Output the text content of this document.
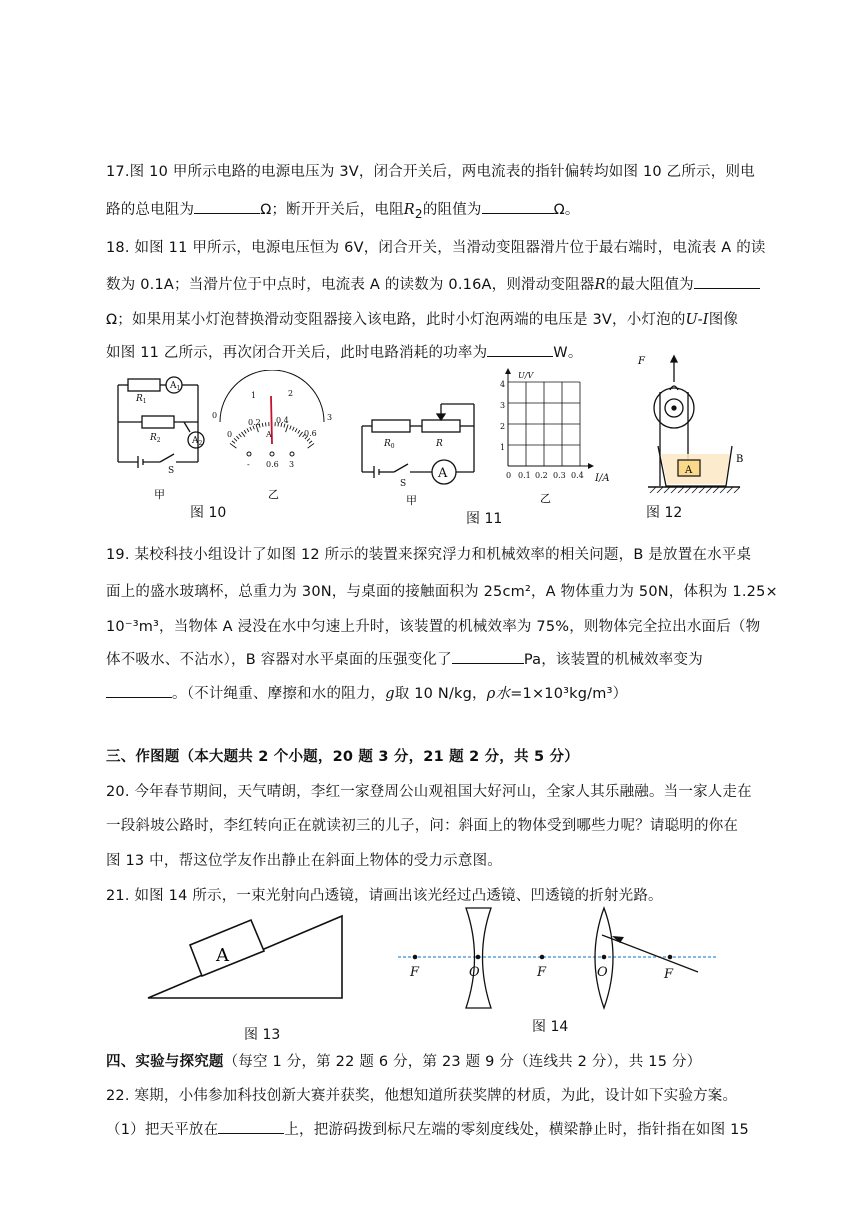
17.图 10 甲所示电路的电源电压为 3V，闭合开关后，两电流表的指针偏转均如图 10 乙所示，则电
路的总电阻为	Ω；断开开关后，电阻$R_2$的阻值为	Ω。
18. 如图 11 甲所示，电源电压恒为 6V，闭合开关，当滑动变阻器滑片位于最右端时，电流表 A 的读
数为 0.1A；当滑片位于中点时，电流表 A 的读数为 0.16A，则滑动变阻器R的最大阻值为
Ω；如果用某小灯泡替换滑动变阻器接入该电路，此时小灯泡两端的电压是 3V，小灯泡的U-I图像
如图 11 乙所示，再次闭合开关后，此时电路消耗的功率为	W。
$R_1$
$R_2$
$A_1$
$A_2$
S
甲
0
1	2
3
0
0.2 0.4
0.6
A
- 0.6 3
乙
图 10
$R_0$	R
A
S
甲
U/V
1
2
3
4
0 0.1 0.2 0.3 0.4 I/A
乙
图 11
F
A
B
图 12
19. 某校科技小组设计了如图 12 所示的装置来探究浮力和机械效率的相关问题，B 是放置在水平桌
面上的盛水玻璃杯，总重力为 30N，与桌面的接触面积为 25cm²，A 物体重力为 50N，体积为 1.25×
10⁻³m³，当物体 A 浸没在水中匀速上升时，该装置的机械效率为 75%，则物体完全拉出水面后（物
体不吸水、不沾水），B 容器对水平桌面的压强变化了	Pa，该装置的机械效率变为
。（不计绳重、摩擦和水的阻力，g取 10 N/kg，ρ水=1×10³kg/m³）
三、作图题（本大题共 2 个小题，20 题 3 分，21 题 2 分，共 5 分）
20. 今年春节期间，天气晴朗，李红一家登周公山观祖国大好河山，全家人其乐融融。当一家人走在
一段斜坡公路时，李红转向正在就读初三的儿子，问：斜面上的物体受到哪些力呢？请聪明的你在
图 13 中，帮这位学友作出静止在斜面上物体的受力示意图。
21. 如图 14 所示，一束光射向凸透镜，请画出该光经过凸透镜、凹透镜的折射光路。
A
图 13
F	O	F	O	F
图 14
四、实验与探究题（每空 1 分，第 22 题 6 分，第 23 题 9 分（连线共 2 分），共 15 分）
22. 寒期，小伟参加科技创新大赛并获奖，他想知道所获奖牌的材质，为此，设计如下实验方案。
（1）把天平放在	上，把游码拨到标尺左端的零刻度线处，横梁静止时，指针指在如图 15
